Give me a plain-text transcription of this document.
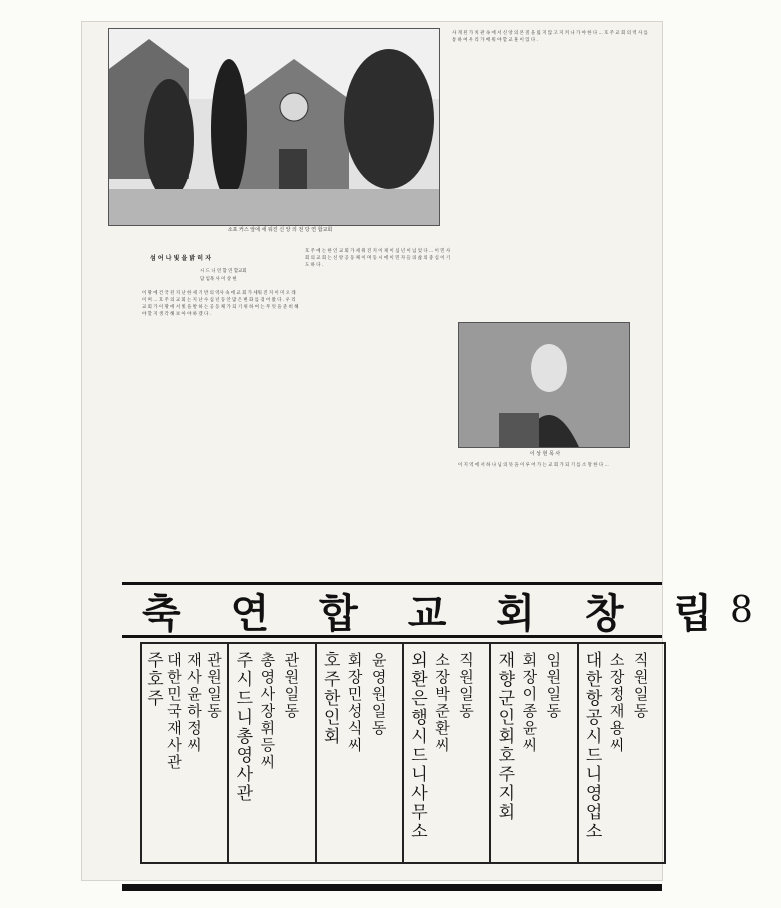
소포 커스 앞에 세 워진 신 앙 의 전 당 연 합교회
사 게 된 가 치 관 속 에 서 신 앙 의 본 질 을 잃 지 않 고 지 켜 나 가 야 한 다 ... 호 주 교 회 의 역 사 를 통 하 여 우 리 가 배 워 야 할 교 훈 이 있 다 .
이 상 현 목 사
섬 어 나 빛 을 밝 히 자
시 드 니 연 합 연 합교회
담 임목 사 이 상 현
이 땅 에 건 국 된 지 난 한 세 기 반 의 역사 속 에 교 회 가 세워 진 지 이 미 오 래 이 며 ... 호 주 의 교 회 는 지 난 수 십 년 동 안 많 은 변 화 를 겪 어 왔 다 . 우 리 교 회 가 이 땅 에 서 빛 을 발 하 는 공 동 체 가 되 기 위 하 여 는 무 엇 을 준 비 해 야 할 지 생 각 해 보 아 야 하 겠 다 .
호 주 에 는 한 인 교 회 가 세 워 진 지 이 제 이 십 년 이 넘 었 다 ... 이 민 사 회 의 교 회 는 신 앙 공 동 체 이 며 동 시 에 이 민 자 들 의 삶 의 중 심 이 기 도 하 다 .
이 지 역 에 서 하 나 님 의 뜻 을 이 루 어 가 는 교 회 가 되 기 를 소 망 한 다 ...
축 연 합 교 회 창 립 8
주호주
대한민국재사관
재사 윤 하 정 씨
관 원 일 동
주시드니 총영사관
총영사 장 휘 등 씨
관 원 일 동
호주한인회
회장 민 성 식 씨
윤 영 원 일 동
외환은행시드니사무소
소장 박 준 환 씨
직 원 일 동
재향군인회호주지회
회장 이 종 윤 씨
임 원 일 동
대한항공시드니영업소
소장 정 재 용 씨
직 원 일 동
